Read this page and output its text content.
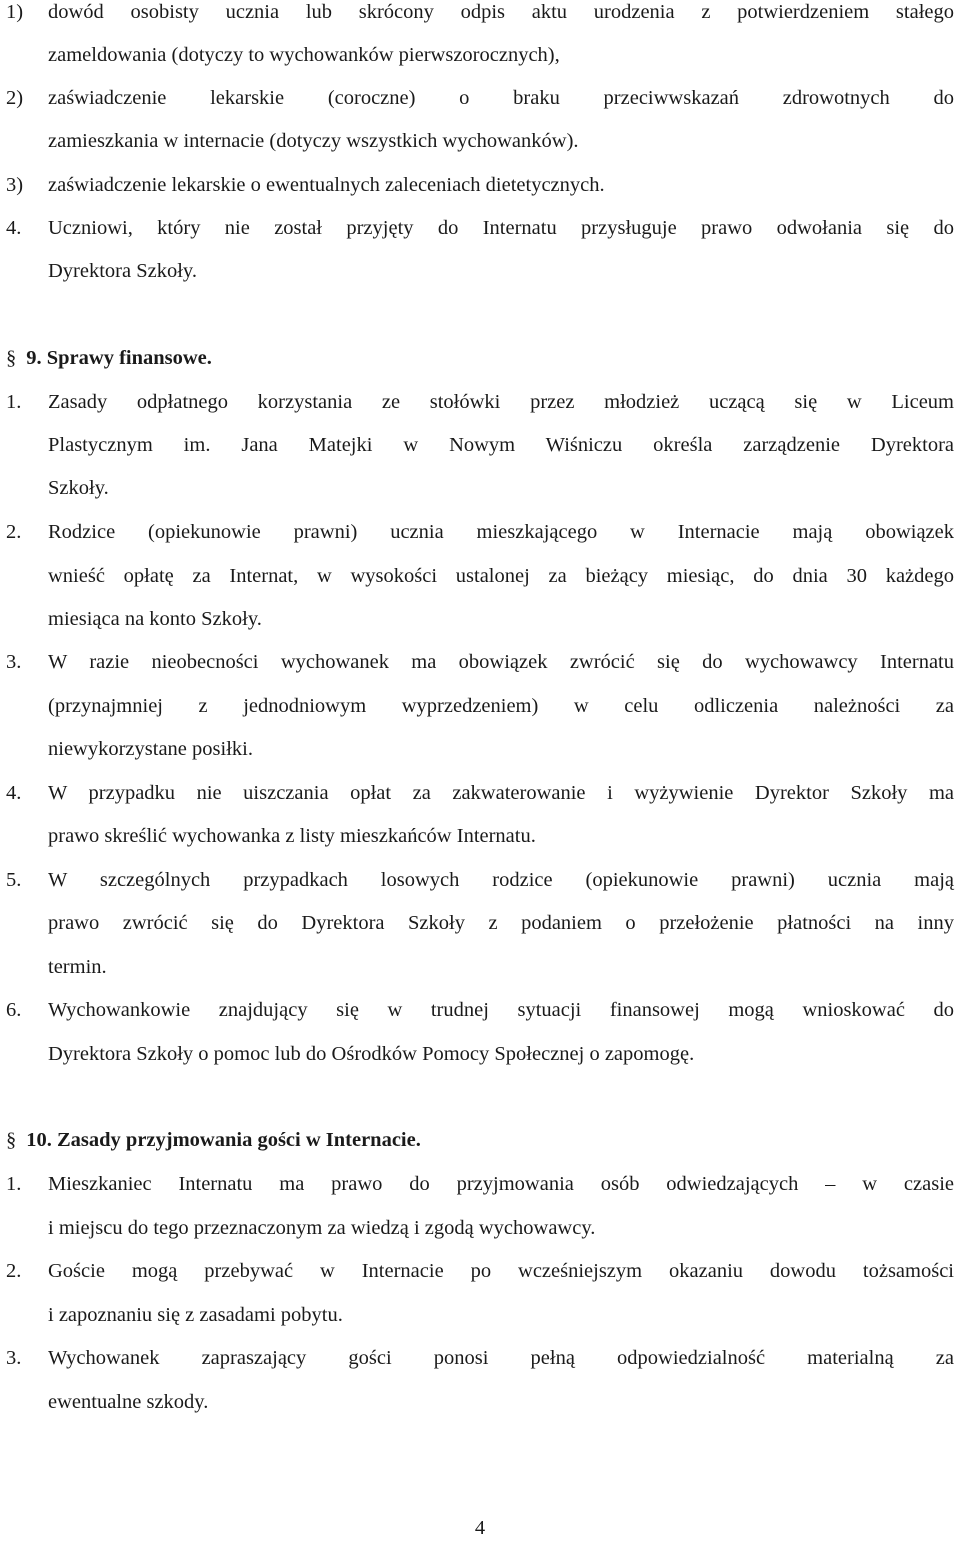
1)	dowód osobisty ucznia lub skrócony odpis aktu urodzenia z potwierdzeniem stałego
zameldowania (dotyczy to wychowanków pierwszorocznych),
2)	zaświadczenie lekarskie (coroczne) o braku przeciwwskazań zdrowotnych do
zamieszkania w internacie (dotyczy wszystkich wychowanków).
3)	zaświadczenie lekarskie o ewentualnych zaleceniach dietetycznych.
4.	Uczniowi, który nie został przyjęty do Internatu przysługuje prawo odwołania się do
Dyrektora Szkoły.
§ 9. Sprawy finansowe.
1.	Zasady odpłatnego korzystania ze stołówki przez młodzież uczącą się w Liceum
Plastycznym im. Jana Matejki w Nowym Wiśniczu określa zarządzenie Dyrektora
Szkoły.
2.	Rodzice (opiekunowie prawni) ucznia mieszkającego w Internacie mają obowiązek
wnieść opłatę za Internat, w wysokości ustalonej za bieżący miesiąc, do dnia 30 każdego
miesiąca na konto Szkoły.
3.	W razie nieobecności wychowanek ma obowiązek zwrócić się do wychowawcy Internatu
(przynajmniej z jednodniowym wyprzedzeniem) w celu odliczenia należności za
niewykorzystane posiłki.
4.	W przypadku nie uiszczania opłat za zakwaterowanie i wyżywienie Dyrektor Szkoły ma
prawo skreślić wychowanka z listy mieszkańców Internatu.
5.	W szczególnych przypadkach losowych rodzice (opiekunowie prawni) ucznia mają
prawo zwrócić się do Dyrektora Szkoły z podaniem o przełożenie płatności na inny
termin.
6.	Wychowankowie znajdujący się w trudnej sytuacji finansowej mogą wnioskować do
Dyrektora Szkoły o pomoc lub do Ośrodków Pomocy Społecznej o zapomogę.
§ 10. Zasady przyjmowania gości w Internacie.
1.	Mieszkaniec Internatu ma prawo do przyjmowania osób odwiedzających – w czasie
i miejscu do tego przeznaczonym za wiedzą i zgodą wychowawcy.
2.	Goście mogą przebywać w Internacie po wcześniejszym okazaniu dowodu tożsamości
i zapoznaniu się z zasadami pobytu.
3.	Wychowanek zapraszający gości ponosi pełną odpowiedzialność materialną za
ewentualne szkody.
4
